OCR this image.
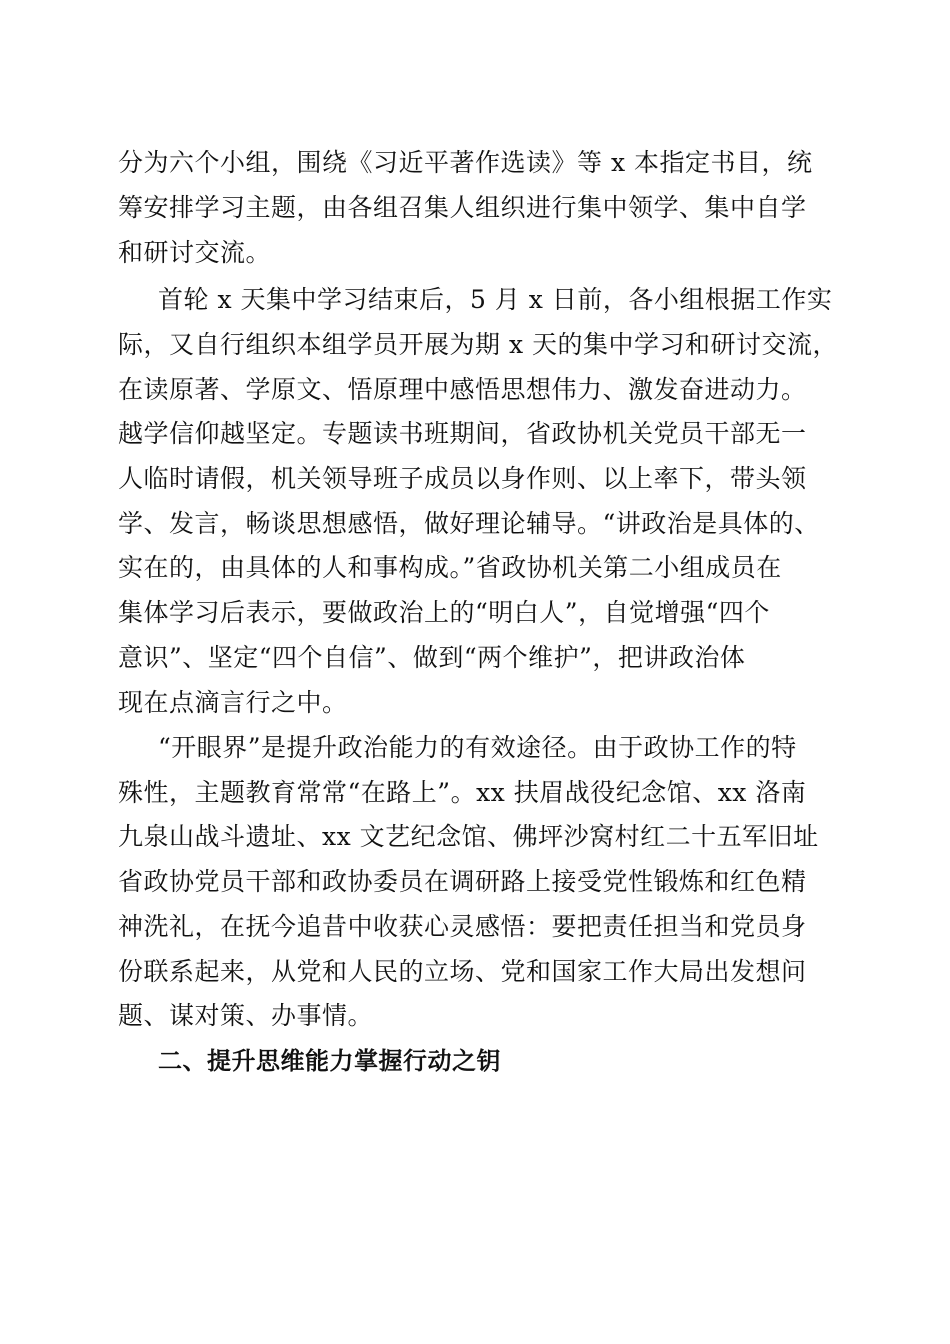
分为六个小组，围绕《习近平著作选读》等 x 本指定书目，统
筹安排学习主题，由各组召集人组织进行集中领学、集中自学
和研讨交流。
首轮 x 天集中学习结束后，5 月 x 日前，各小组根据工作实
际，又自行组织本组学员开展为期 x 天的集中学习和研讨交流，
在读原著、学原文、悟原理中感悟思想伟力、激发奋进动力。
越学信仰越坚定。专题读书班期间，省政协机关党员干部无一
人临时请假，机关领导班子成员以身作则、以上率下，带头领
学、发言，畅谈思想感悟，做好理论辅导。“讲政治是具体的、
实在的，由具体的人和事构成。”省政协机关第二小组成员在
集体学习后表示，要做政治上的“明白人”，自觉增强“四个
意识”、坚定“四个自信”、做到“两个维护”，把讲政治体
现在点滴言行之中。
“开眼界”是提升政治能力的有效途径。由于政协工作的特
殊性，主题教育常常“在路上”。xx 扶眉战役纪念馆、xx 洛南
九泉山战斗遗址、xx 文艺纪念馆、佛坪沙窝村红二十五军旧址
省政协党员干部和政协委员在调研路上接受党性锻炼和红色精
神洗礼，在抚今追昔中收获心灵感悟：要把责任担当和党员身
份联系起来，从党和人民的立场、党和国家工作大局出发想问
题、谋对策、办事情。
二、提升思维能力掌握行动之钥
